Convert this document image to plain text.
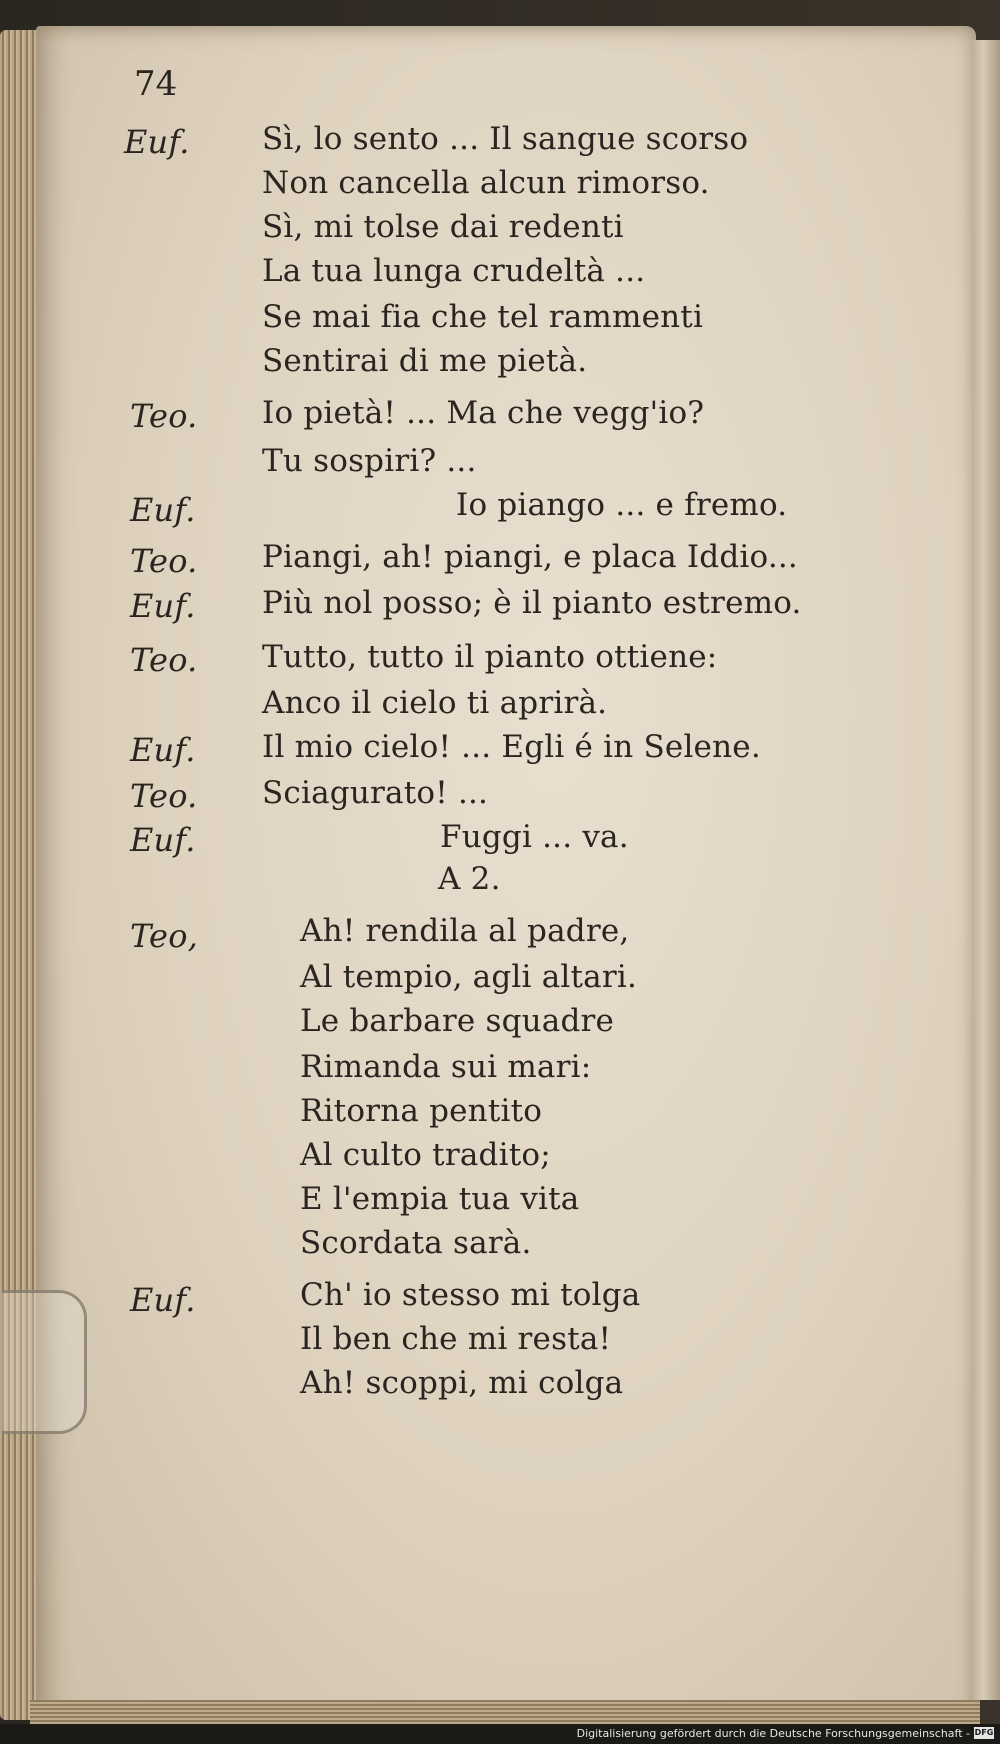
74
Euf.
Teo.
Euf.
Teo.
Euf.
Teo.
Euf.
Teo.
Euf.
Teo,
Euf.
Sì, lo sento ... Il sangue scorso
Non cancella alcun rimorso.
Sì, mi tolse dai redenti
La tua lunga crudeltà ...
Se mai fia che tel rammenti
Sentirai di me pietà.
Io pietà! ... Ma che vegg'io?
Tu sospiri? ...
Io piango ... e fremo.
Piangi, ah! piangi, e placa Iddio...
Più nol posso; è il pianto estremo.
Tutto, tutto il pianto ottiene:
Anco il cielo ti aprirà.
Il mio cielo! ... Egli é in Selene.
Sciagurato! ...
Fuggi ... va.
A 2.
Ah! rendila al padre,
Al tempio, agli altari.
Le barbare squadre
Rimanda sui mari:
Ritorna pentito
Al culto tradito;
E l'empia tua vita
Scordata sarà.
Ch' io stesso mi tolga
Il ben che mi resta!
Ah! scoppi, mi colga
Digitalisierung gefördert durch die Deutsche Forschungsgemeinschaft - DFG
